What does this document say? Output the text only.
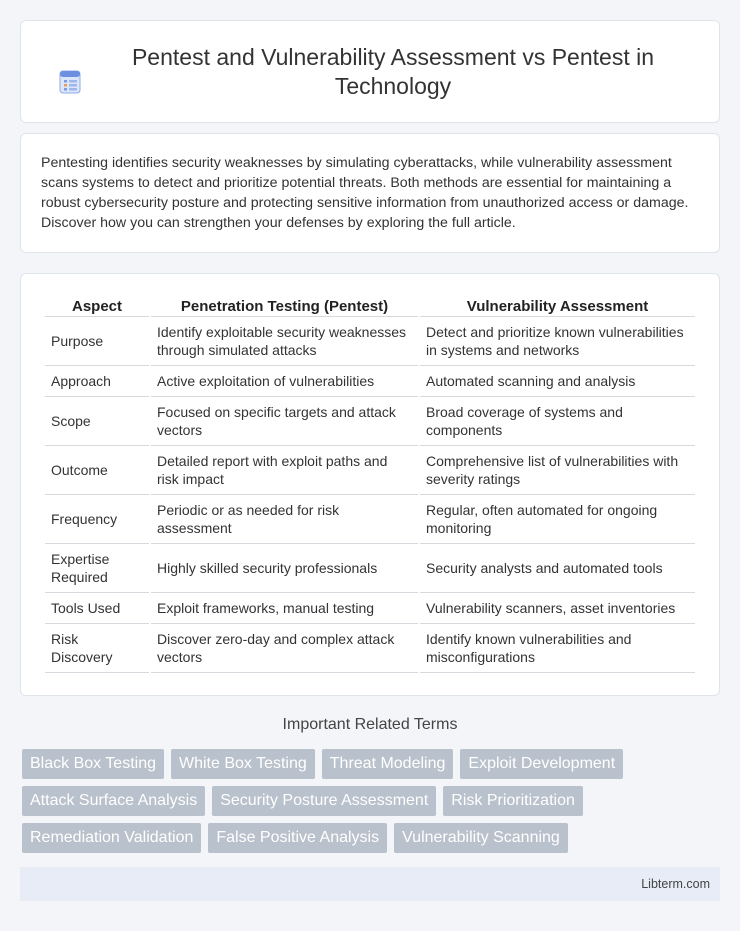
Pentest and Vulnerability Assessment vs Pentest in Technology

Pentesting identifies security weaknesses by simulating cyberattacks, while vulnerability assessment scans systems to detect and prioritize potential threats. Both methods are essential for maintaining a robust cybersecurity posture and protecting sensitive information from unauthorized access or damage. Discover how you can strengthen your defenses by exploring the full article.

Aspect	Penetration Testing (Pentest)	Vulnerability Assessment
Purpose	Identify exploitable security weaknesses through simulated attacks	Detect and prioritize known vulnerabilities in systems and networks
Approach	Active exploitation of vulnerabilities	Automated scanning and analysis
Scope	Focused on specific targets and attack vectors	Broad coverage of systems and components
Outcome	Detailed report with exploit paths and risk impact	Comprehensive list of vulnerabilities with severity ratings
Frequency	Periodic or as needed for risk assessment	Regular, often automated for ongoing monitoring
Expertise Required	Highly skilled security professionals	Security analysts and automated tools
Tools Used	Exploit frameworks, manual testing	Vulnerability scanners, asset inventories
Risk Discovery	Discover zero-day and complex attack vectors	Identify known vulnerabilities and misconfigurations
Important Related Terms
Black Box Testing	White Box Testing	Threat Modeling	Exploit Development
Attack Surface Analysis	Security Posture Assessment	Risk Prioritization
Remediation Validation	False Positive Analysis	Vulnerability Scanning
Libterm.com
